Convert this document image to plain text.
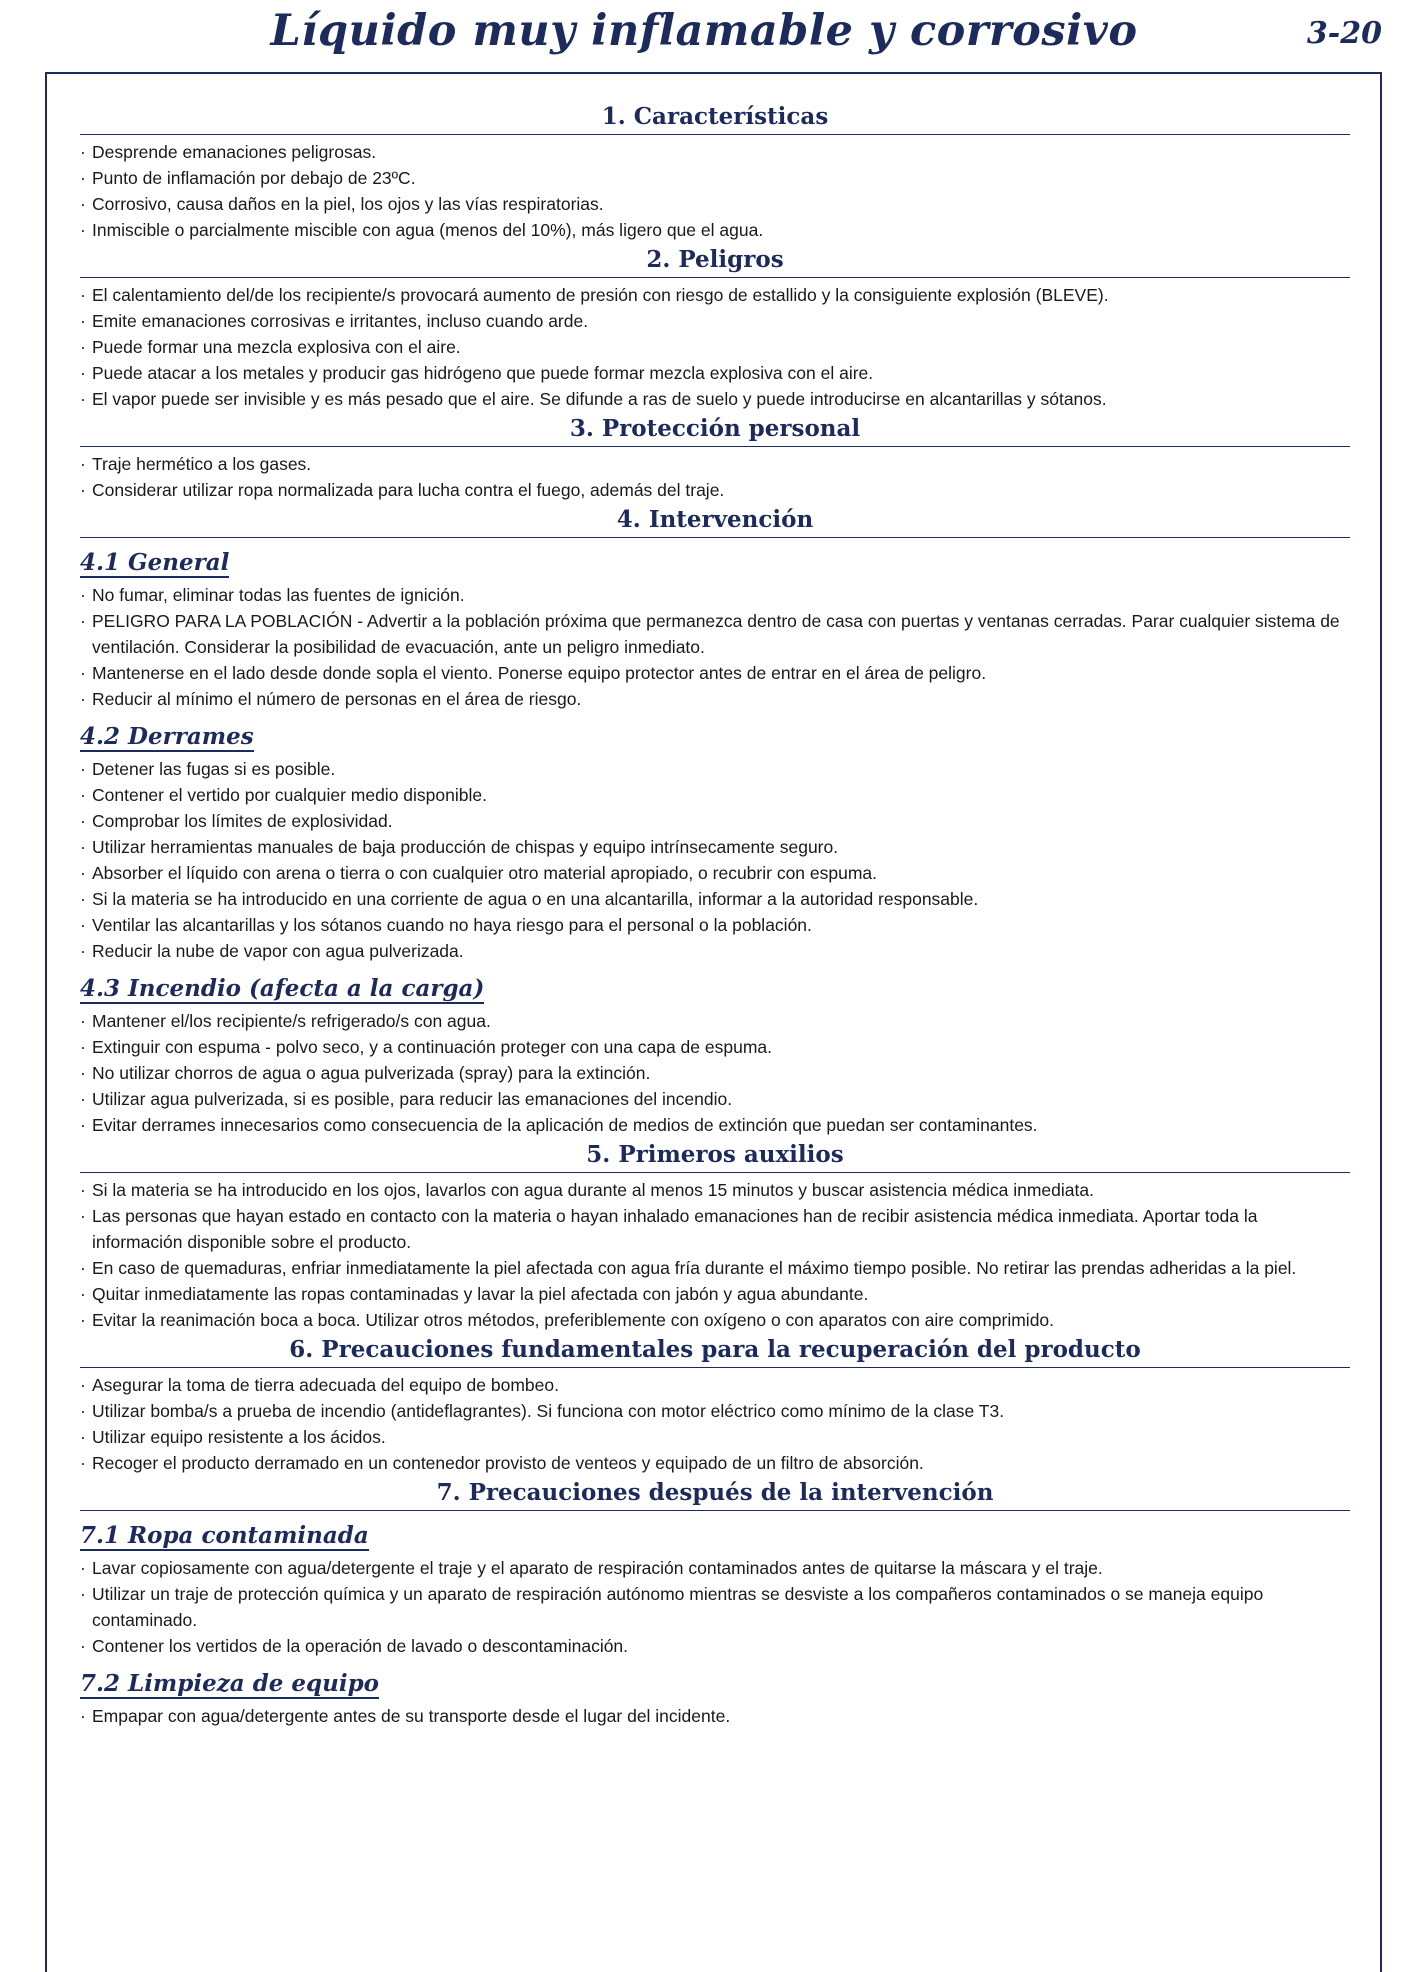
Líquido muy inflamable y corrosivo	3-20
1. Características
· Desprende emanaciones peligrosas.
· Punto de inflamación por debajo de 23ºC.
· Corrosivo, causa daños en la piel, los ojos y las vías respiratorias.
· Inmiscible o parcialmente miscible con agua (menos del 10%), más ligero que el agua.
2. Peligros
· El calentamiento del/de los recipiente/s provocará aumento de presión con riesgo de estallido y la consiguiente explosión (BLEVE).
· Emite emanaciones corrosivas e irritantes, incluso cuando arde.
· Puede formar una mezcla explosiva con el aire.
· Puede atacar a los metales y producir gas hidrógeno que puede formar mezcla explosiva con el aire.
· El vapor puede ser invisible y es más pesado que el aire. Se difunde a ras de suelo y puede introducirse en alcantarillas y sótanos.
3. Protección personal
· Traje hermético a los gases.
· Considerar utilizar ropa normalizada para lucha contra el fuego, además del traje.
4. Intervención
4.1 General
· No fumar, eliminar todas las fuentes de ignición.
· PELIGRO PARA LA POBLACIÓN - Advertir a la población próxima que permanezca dentro de casa con puertas y ventanas cerradas. Parar cualquier sistema de ventilación. Considerar la posibilidad de evacuación, ante un peligro inmediato.
· Mantenerse en el lado desde donde sopla el viento. Ponerse equipo protector antes de entrar en el área de peligro.
· Reducir al mínimo el número de personas en el área de riesgo.
4.2 Derrames
· Detener las fugas si es posible.
· Contener el vertido por cualquier medio disponible.
· Comprobar los límites de explosividad.
· Utilizar herramientas manuales de baja producción de chispas y equipo intrínsecamente seguro.
· Absorber el líquido con arena o tierra o con cualquier otro material apropiado, o recubrir con espuma.
· Si la materia se ha introducido en una corriente de agua o en una alcantarilla, informar a la autoridad responsable.
· Ventilar las alcantarillas y los sótanos cuando no haya riesgo para el personal o la población.
· Reducir la nube de vapor con agua pulverizada.
4.3 Incendio (afecta a la carga)
· Mantener el/los recipiente/s refrigerado/s con agua.
· Extinguir con espuma - polvo seco, y a continuación proteger con una capa de espuma.
· No utilizar chorros de agua o agua pulverizada (spray) para la extinción.
· Utilizar agua pulverizada, si es posible, para reducir las emanaciones del incendio.
· Evitar derrames innecesarios como consecuencia de la aplicación de medios de extinción que puedan ser contaminantes.
5. Primeros auxilios
· Si la materia se ha introducido en los ojos, lavarlos con agua durante al menos 15 minutos y buscar asistencia médica inmediata.
· Las personas que hayan estado en contacto con la materia o hayan inhalado emanaciones han de recibir asistencia médica inmediata. Aportar toda la información disponible sobre el producto.
· En caso de quemaduras, enfriar inmediatamente la piel afectada con agua fría durante el máximo tiempo posible. No retirar las prendas adheridas a la piel.
· Quitar inmediatamente las ropas contaminadas y lavar la piel afectada con jabón y agua abundante.
· Evitar la reanimación boca a boca. Utilizar otros métodos, preferiblemente con oxígeno o con aparatos con aire comprimido.
6. Precauciones fundamentales para la recuperación del producto
· Asegurar la toma de tierra adecuada del equipo de bombeo.
· Utilizar bomba/s a prueba de incendio (antideflagrantes). Si funciona con motor eléctrico como mínimo de la clase T3.
· Utilizar equipo resistente a los ácidos.
· Recoger el producto derramado en un contenedor provisto de venteos y equipado de un filtro de absorción.
7. Precauciones después de la intervención
7.1 Ropa contaminada
· Lavar copiosamente con agua/detergente el traje y el aparato de respiración contaminados antes de quitarse la máscara y el traje.
· Utilizar un traje de protección química y un aparato de respiración autónomo mientras se desviste a los compañeros contaminados o se maneja equipo contaminado.
· Contener los vertidos de la operación de lavado o descontaminación.
7.2 Limpieza de equipo
· Empapar con agua/detergente antes de su transporte desde el lugar del incidente.
